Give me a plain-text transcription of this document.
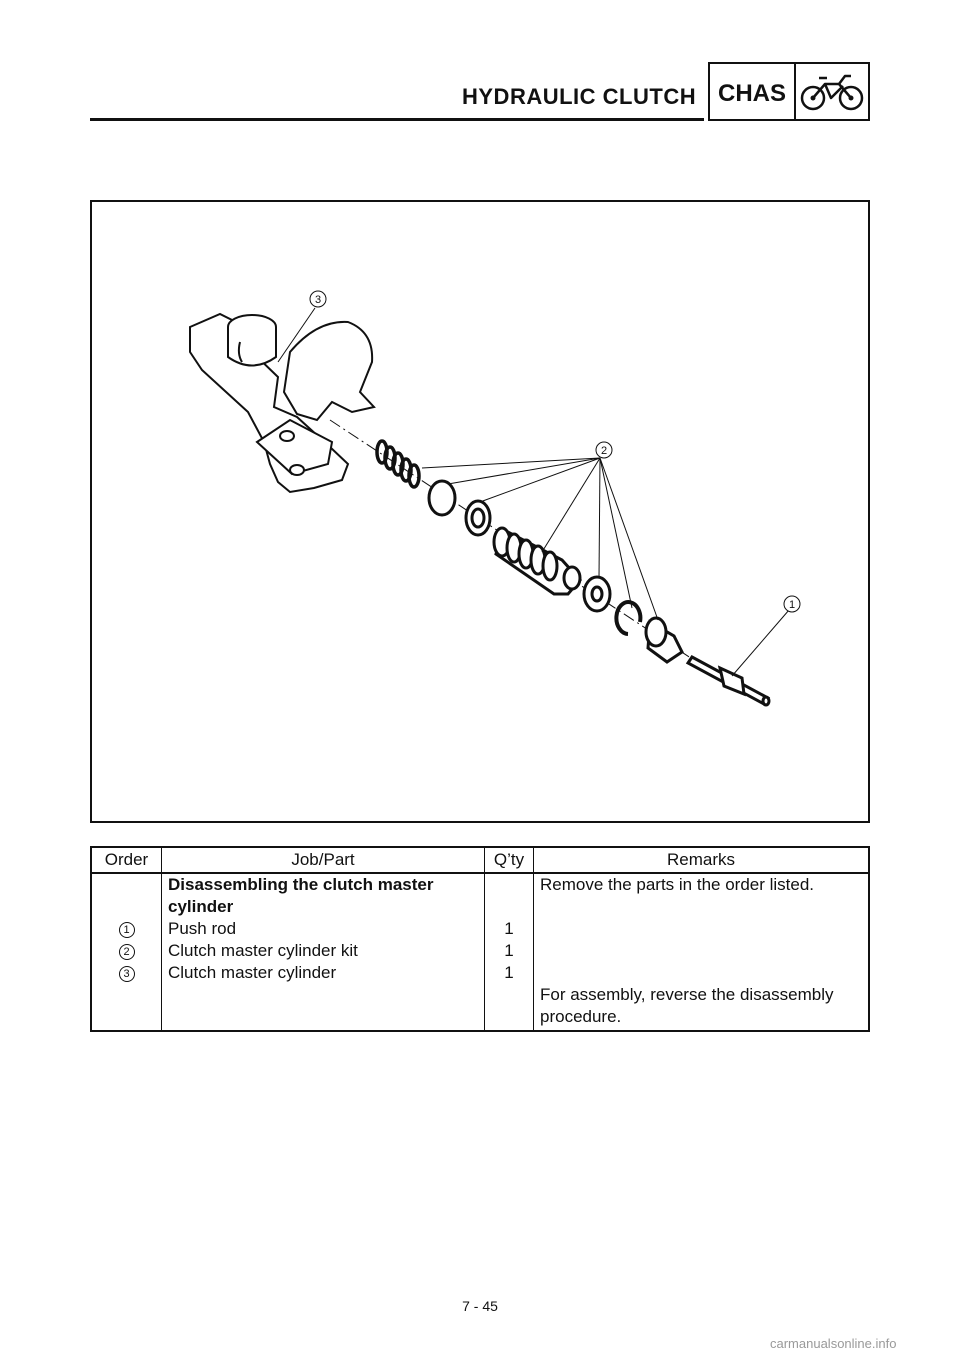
HYDRAULIC CLUTCH CHAS
3
2
1
Order	Job/Part	Q’ty	Remarks
	Disassembling the clutch master cylinder		Remove the parts in the order listed.
1	Push rod	1	
2	Clutch master cylinder kit	1	
3	Clutch master cylinder	1	
			For assembly, reverse the disassembly procedure.
7 - 45
carmanualsonline.info
